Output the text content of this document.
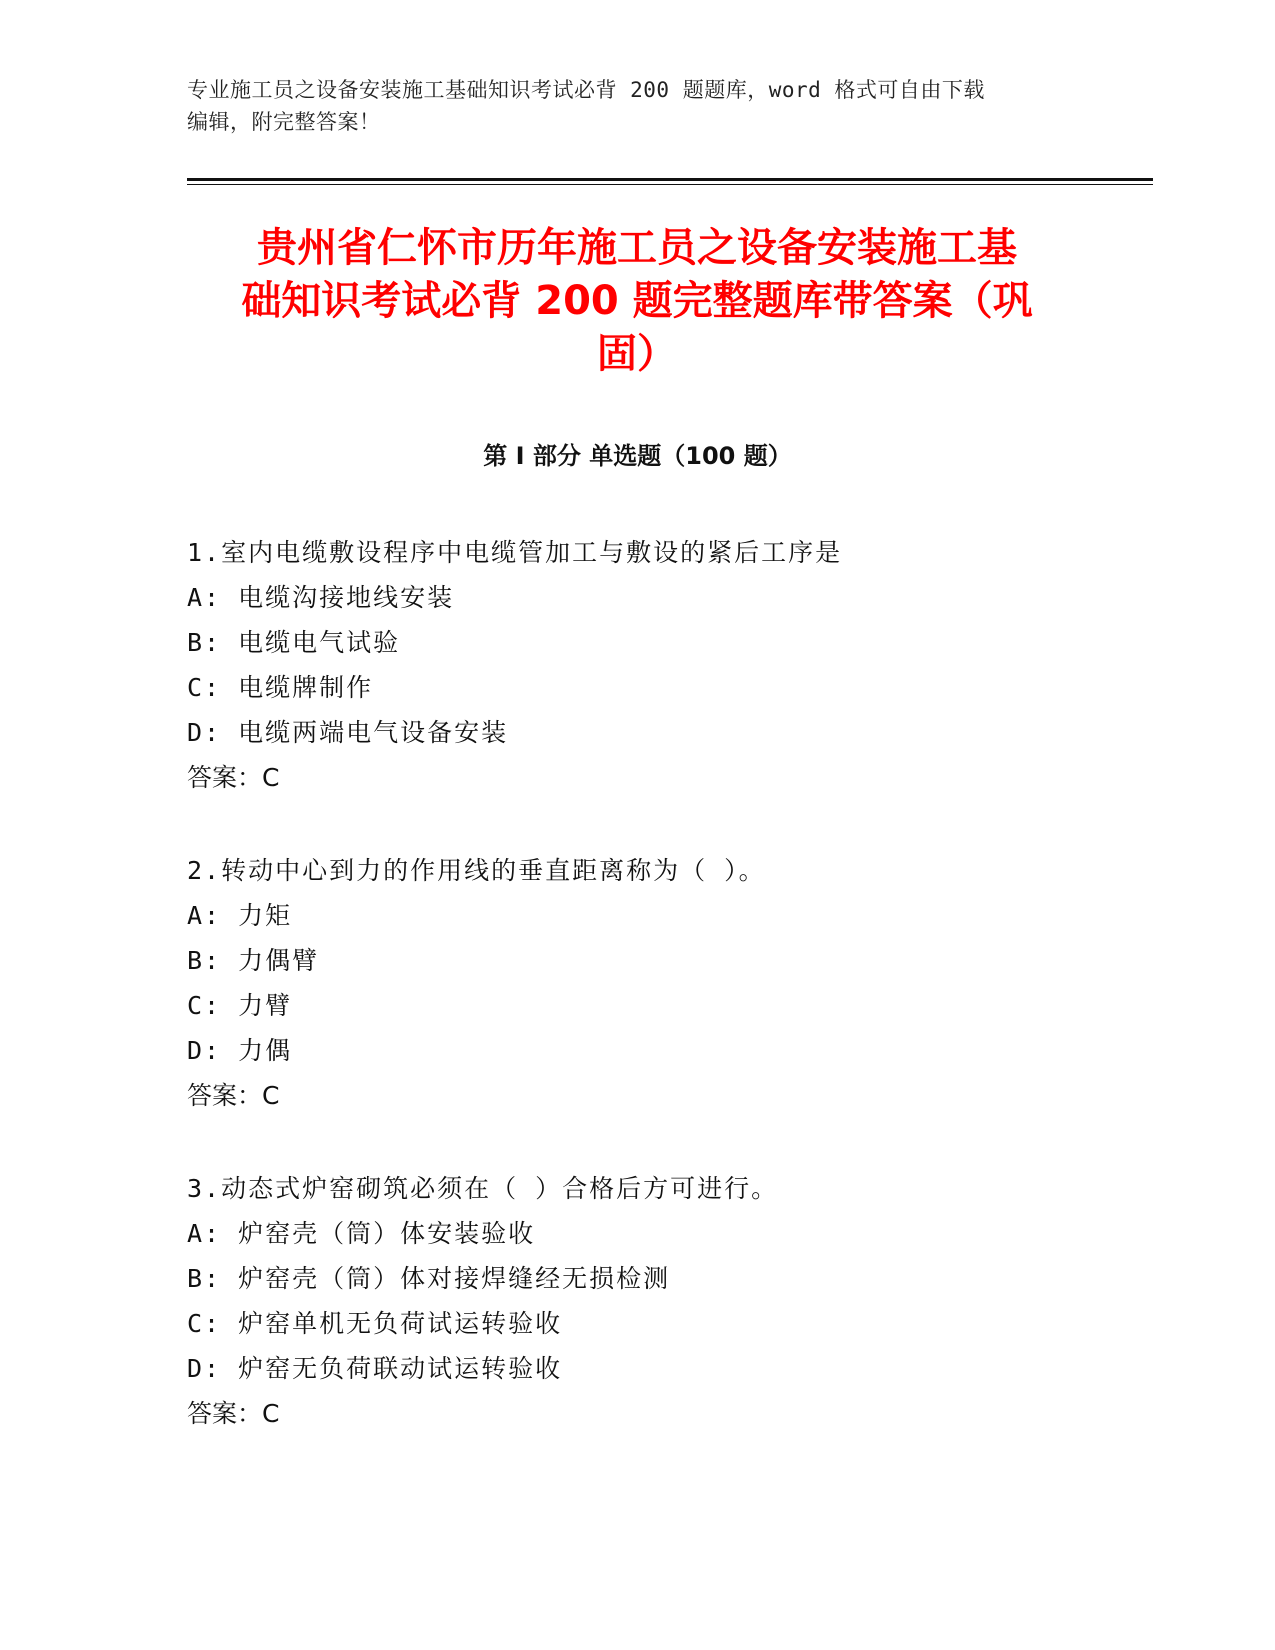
专业施工员之设备安装施工基础知识考试必背 200 题题库，word 格式可自由下载
编辑，附完整答案！
贵州省仁怀市历年施工员之设备安装施工基
础知识考试必背 200 题完整题库带答案（巩
固）
第 I 部分 单选题（100 题）
1.室内电缆敷设程序中电缆管加工与敷设的紧后工序是
A: 电缆沟接地线安装
B: 电缆电气试验
C: 电缆牌制作
D: 电缆两端电气设备安装
答案：C
2.转动中心到力的作用线的垂直距离称为（ ）。
A: 力矩
B: 力偶臂
C: 力臂
D: 力偶
答案：C
3.动态式炉窑砌筑必须在（ ）合格后方可进行。
A: 炉窑壳（筒）体安装验收
B: 炉窑壳（筒）体对接焊缝经无损检测
C: 炉窑单机无负荷试运转验收
D: 炉窑无负荷联动试运转验收
答案：C
